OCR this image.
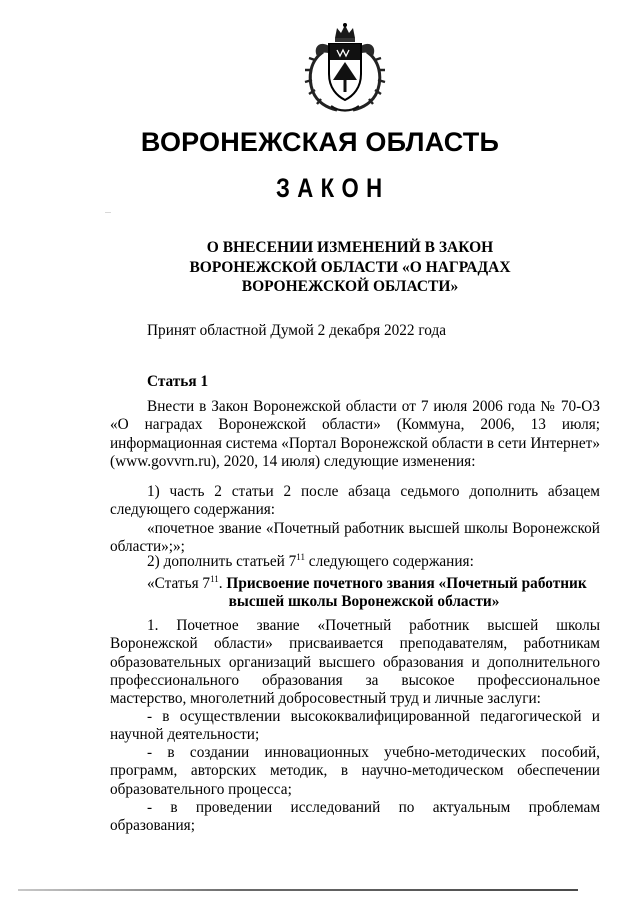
ВОРОНЕЖСКАЯ ОБЛАСТЬ
ЗАКОН
О ВНЕСЕНИИ ИЗМЕНЕНИЙ В ЗАКОН
ВОРОНЕЖСКОЙ ОБЛАСТИ «О НАГРАДАХ
ВОРОНЕЖСКОЙ ОБЛАСТИ»
Принят областной Думой 2 декабря 2022 года
Статья 1
Внести в Закон Воронежской области от 7 июля 2006 года № 70-ОЗ «О наградах Воронежской области» (Коммуна, 2006, 13 июля; информационная система «Портал Воронежской области в сети Интернет» (www.govvrn.ru), 2020, 14 июля) следующие изменения:
1) часть 2 статьи 2 после абзаца седьмого дополнить абзацем следующего содержания:
«почетное звание «Почетный работник высшей школы Воронежской области»;»;
2) дополнить статьей $7^{11}$ следующего содержания:
«Статья $7^{11}$. Присвоение почетного звания «Почетный работник
высшей школы Воронежской области»
1. Почетное звание «Почетный работник высшей школы Воронежской области» присваивается преподавателям, работникам образовательных организаций высшего образования и дополнительного профессионального образования за высокое профессиональное мастерство, многолетний добросовестный труд и личные заслуги:
- в осуществлении высококвалифицированной педагогической и научной деятельности;
- в создании инновационных учебно-методических пособий, программ, авторских методик, в научно-методическом обеспечении образовательного процесса;
- в проведении исследований по актуальным проблемам образования;
